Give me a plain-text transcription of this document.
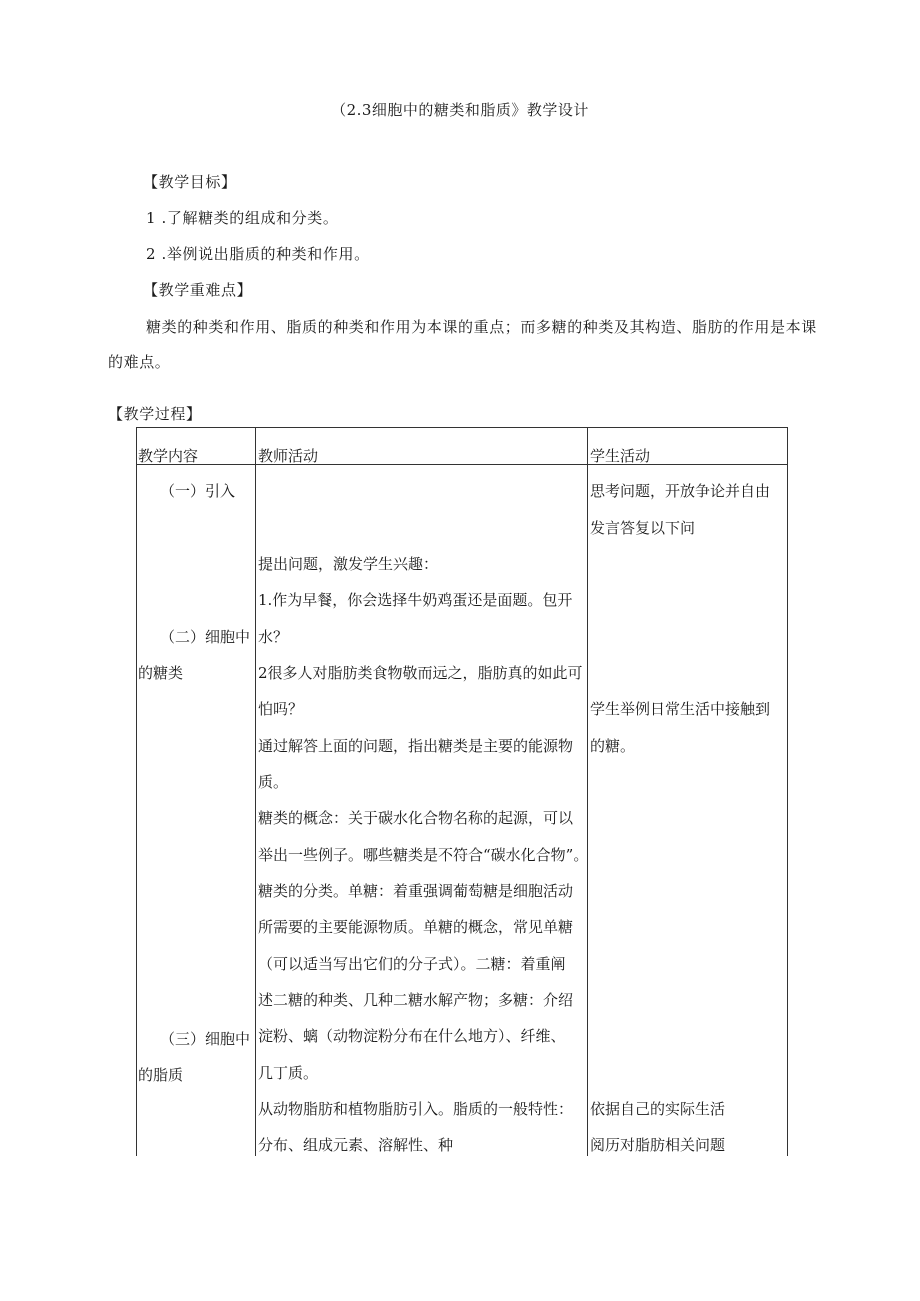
（2.3细胞中的糖类和脂质》教学设计
【教学目标】
1 .了解糖类的组成和分类。
2 .举例说出脂质的种类和作用。
【教学重难点】
糖类的种类和作用、脂质的种类和作用为本课的重点；而多糖的种类及其构造、脂肪的作用是本课
的难点。
【教学过程】
教学内容	教师活动	学生活动
（一）引入
（二）细胞中
的糖类
（三）细胞中
的脂质
提出问题，激发学生兴趣：
1.作为早餐，你会选择牛奶鸡蛋还是面题。包开
水？
2很多人对脂肪类食物敬而远之，脂肪真的如此可
怕吗？
通过解答上面的问题，指出糖类是主要的能源物
质。
糖类的概念：关于碳水化合物名称的起源，可以
举出一些例子。哪些糖类是不符合“碳水化合物”。
糖类的分类。单糖：着重强调葡萄糖是细胞活动
所需要的主要能源物质。单糖的概念，常见单糖
（可以适当写出它们的分子式）。二糖：着重阐
述二糖的种类、几种二糖水解产物；多糖：介绍
淀粉、螭（动物淀粉分布在什么地方）、纤维、
几丁质。
从动物脂肪和植物脂肪引入。脂质的一般特性：
分布、组成元素、溶解性、种
思考问题，开放争论并自由
发言答复以下问
学生举例日常生活中接触到
的糖。
依据自己的实际生活
阅历对脂肪相关问题
